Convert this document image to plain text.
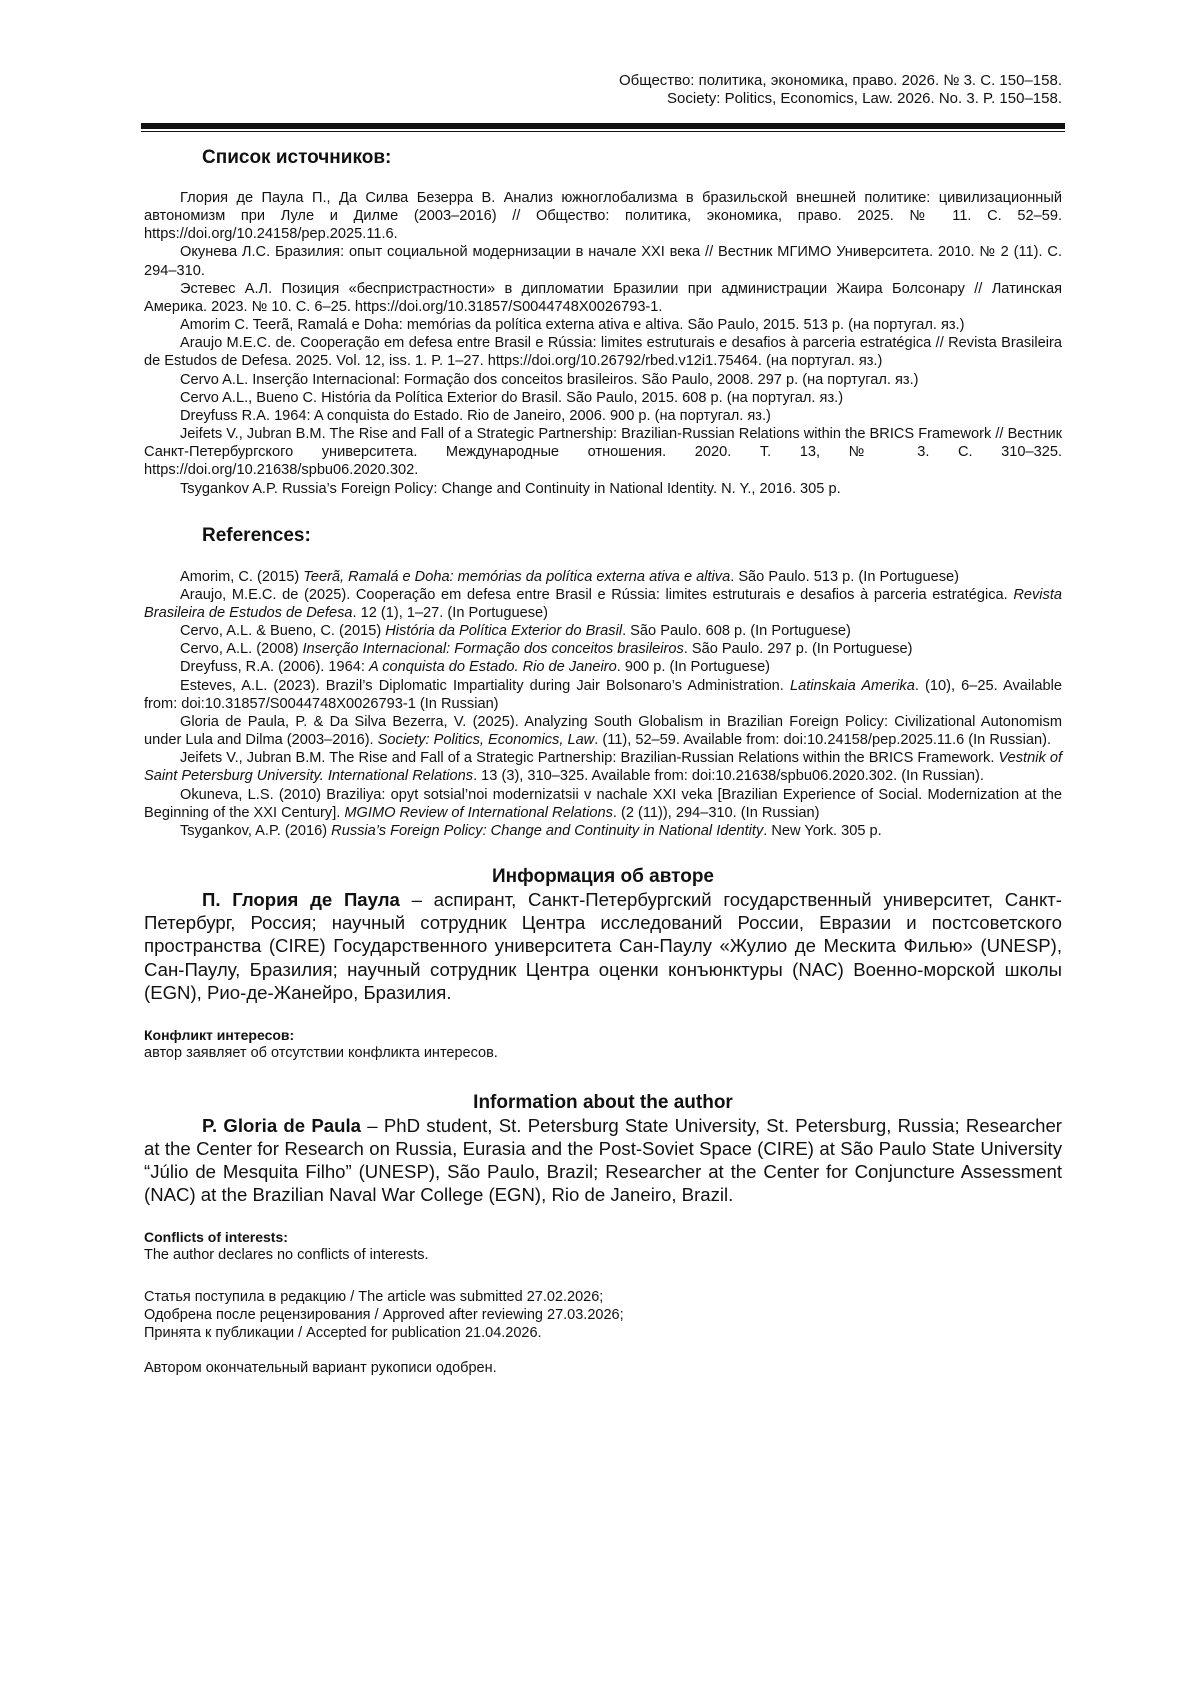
Общество: политика, экономика, право. 2026. № 3. С. 150–158.
Society: Politics, Economics, Law. 2026. No. 3. P. 150–158.
Список источников:

Глория де Паула П., Да Силва Безерра В. Анализ южноглобализма в бразильской внешней политике: цивилизационный автономизм при Луле и Дилме (2003–2016) // Общество: политика, экономика, право. 2025. № 11. С. 52–59. https://doi.org/10.24158/pep.2025.11.6.

Окунева Л.С. Бразилия: опыт социальной модернизации в начале XXI века // Вестник МГИМО Университета. 2010. № 2 (11). С. 294–310.

Эстевес А.Л. Позиция «беспристрастности» в дипломатии Бразилии при администрации Жаира Болсонару // Латинская Америка. 2023. № 10. С. 6–25. https://doi.org/10.31857/S0044748X0026793-1.

Amorim C. Teerã, Ramalá e Doha: memórias da política externa ativa e altiva. São Paulo, 2015. 513 p. (на португал. яз.)

Araujo M.E.C. de. Cooperação em defesa entre Brasil e Rússia: limites estruturais e desafios à parceria estratégica // Revista Brasileira de Estudos de Defesa. 2025. Vol. 12, iss. 1. P. 1–27. https://doi.org/10.26792/rbed.v12i1.75464. (на португал. яз.)

Cervo A.L. Inserção Internacional: Formação dos conceitos brasileiros. São Paulo, 2008. 297 p. (на португал. яз.)

Cervo A.L., Bueno C. História da Política Exterior do Brasil. São Paulo, 2015. 608 p. (на португал. яз.)

Dreyfuss R.A. 1964: A conquista do Estado. Rio de Janeiro, 2006. 900 p. (на португал. яз.)

Jeifets V., Jubran B.M. The Rise and Fall of a Strategic Partnership: Brazilian-Russian Relations within the BRICS Framework // Вестник Санкт-Петербургского университета. Международные отношения. 2020. Т. 13, № 3. С. 310–325. https://doi.org/10.21638/spbu06.2020.302.

Tsygankov A.P. Russia’s Foreign Policy: Change and Continuity in National Identity. N. Y., 2016. 305 p.

References:

Amorim, C. (2015) Teerã, Ramalá e Doha: memórias da política externa ativa e altiva. São Paulo. 513 p. (In Portuguese)

Araujo, M.E.C. de (2025). Cooperação em defesa entre Brasil e Rússia: limites estruturais e desafios à parceria estratégica. Revista Brasileira de Estudos de Defesa. 12 (1), 1–27. (In Portuguese)

Cervo, A.L. & Bueno, C. (2015) História da Política Exterior do Brasil. São Paulo. 608 p. (In Portuguese)

Cervo, A.L. (2008) Inserção Internacional: Formação dos conceitos brasileiros. São Paulo. 297 p. (In Portuguese)

Dreyfuss, R.A. (2006). 1964: A conquista do Estado. Rio de Janeiro. 900 p. (In Portuguese)

Esteves, A.L. (2023). Brazil’s Diplomatic Impartiality during Jair Bolsonaro’s Administration. Latinskaia Amerika. (10), 6–25. Available from: doi:10.31857/S0044748X0026793-1 (In Russian)

Gloria de Paula, P. & Da Silva Bezerra, V. (2025). Analyzing South Globalism in Brazilian Foreign Policy: Civilizational Autonomism under Lula and Dilma (2003–2016). Society: Politics, Economics, Law. (11), 52–59. Available from: doi:10.24158/pep.2025.11.6 (In Russian).

Jeifets V., Jubran B.M. The Rise and Fall of a Strategic Partnership: Brazilian-Russian Relations within the BRICS Framework. Vestnik of Saint Petersburg University. International Relations. 13 (3), 310–325. Available from: doi:10.21638/spbu06.2020.302. (In Russian).

Okuneva, L.S. (2010) Braziliya: opyt sotsial’noi modernizatsii v nachale XXI veka [Brazilian Experience of Social. Modernization at the Beginning of the XXI Century]. MGIMO Review of International Relations. (2 (11)), 294–310. (In Russian)

Tsygankov, A.P. (2016) Russia’s Foreign Policy: Change and Continuity in National Identity. New York. 305 p.

Информация об авторе

П. Глория де Паула – аспирант, Санкт-Петербургский государственный университет, Санкт-Петербург, Россия; научный сотрудник Центра исследований России, Евразии и постсоветского пространства (CIRE) Государственного университета Сан-Паулу «Жулио де Мескита Филью» (UNESP), Сан-Паулу, Бразилия; научный сотрудник Центра оценки конъюнктуры (NAC) Военно-морской школы (EGN), Рио-де-Жанейро, Бразилия.

Конфликт интересов:
автор заявляет об отсутствии конфликта интересов.
Information about the author

P. Gloria de Paula – PhD student, St. Petersburg State University, St. Petersburg, Russia; Researcher at the Center for Research on Russia, Eurasia and the Post-Soviet Space (CIRE) at São Paulo State University “Júlio de Mesquita Filho” (UNESP), São Paulo, Brazil; Researcher at the Center for Conjuncture Assessment (NAC) at the Brazilian Naval War College (EGN), Rio de Janeiro, Brazil.

Conflicts of interests:
The author declares no conflicts of interests.
Статья поступила в редакцию / The article was submitted 27.02.2026;
Одобрена после рецензирования / Approved after reviewing 27.03.2026;
Принята к публикации / Accepted for publication 21.04.2026.
Автором окончательный вариант рукописи одобрен.
